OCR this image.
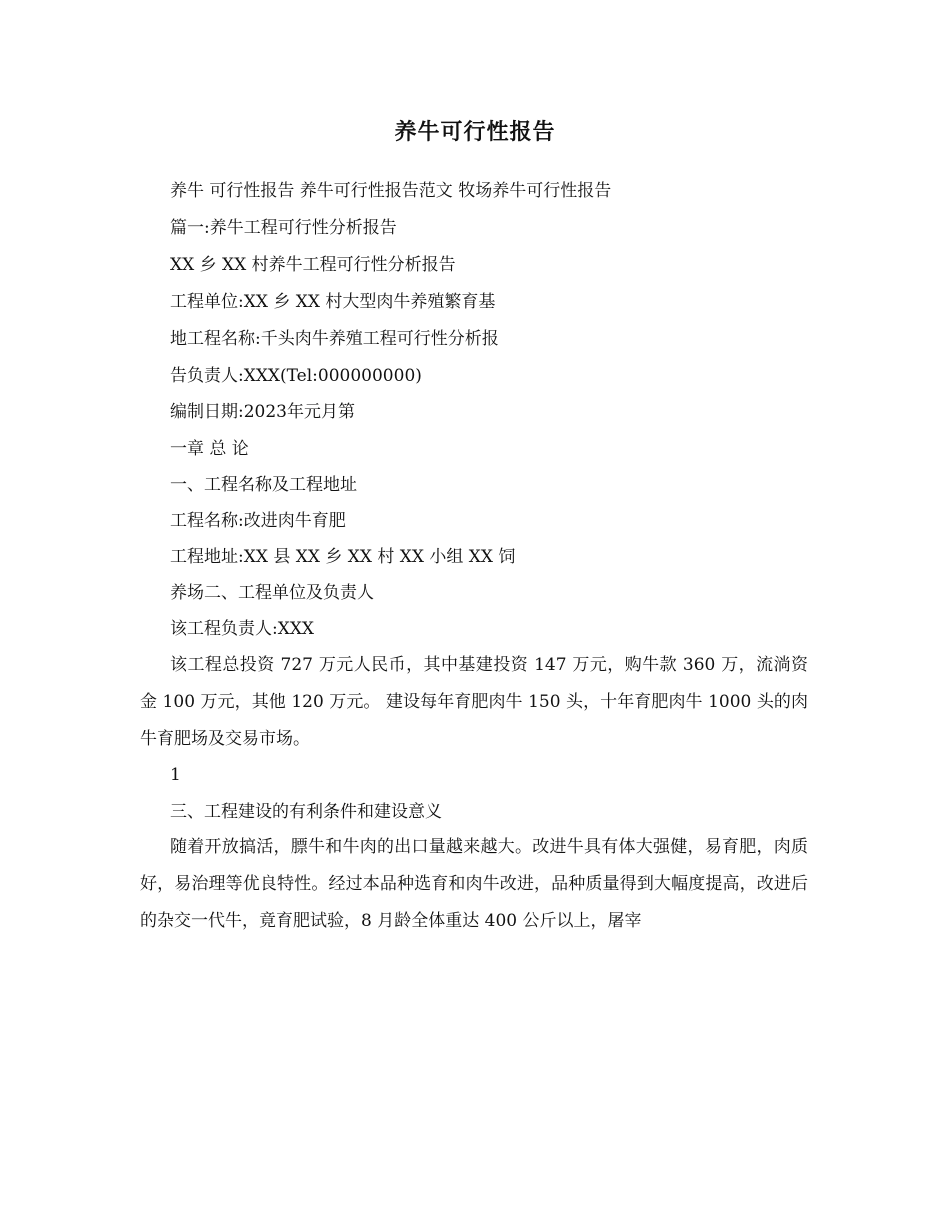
养牛可行性报告
养牛 可行性报告 养牛可行性报告范文 牧场养牛可行性报告
篇一:养牛工程可行性分析报告
XX 乡 XX 村养牛工程可行性分析报告
工程单位:XX 乡 XX 村大型肉牛养殖繁育基
地工程名称:千头肉牛养殖工程可行性分析报
告负责人:XXX(Tel:000000000)
编制日期:2023年元月第
一章 总 论
一、工程名称及工程地址
工程名称:改进肉牛育肥
工程地址:XX 县 XX 乡 XX 村 XX 小组 XX 饲
养场二、工程单位及负责人
该工程负责人:XXX
该工程总投资 727 万元人民币，其中基建投资 147 万元，购牛款 360 万，流淌资金 100 万元，其他 120 万元。 建设每年育肥肉牛 150 头，十年育肥肉牛 1000 头的肉牛育肥场及交易市场。
1
三、工程建设的有利条件和建设意义
随着开放搞活，膘牛和牛肉的出口量越来越大。改进牛具有体大强健，易育肥，肉质好，易治理等优良特性。经过本品种选育和肉牛改进，品种质量得到大幅度提高，改进后的杂交一代牛，竟育肥试验，8 月龄全体重达 400 公斤以上，屠宰
